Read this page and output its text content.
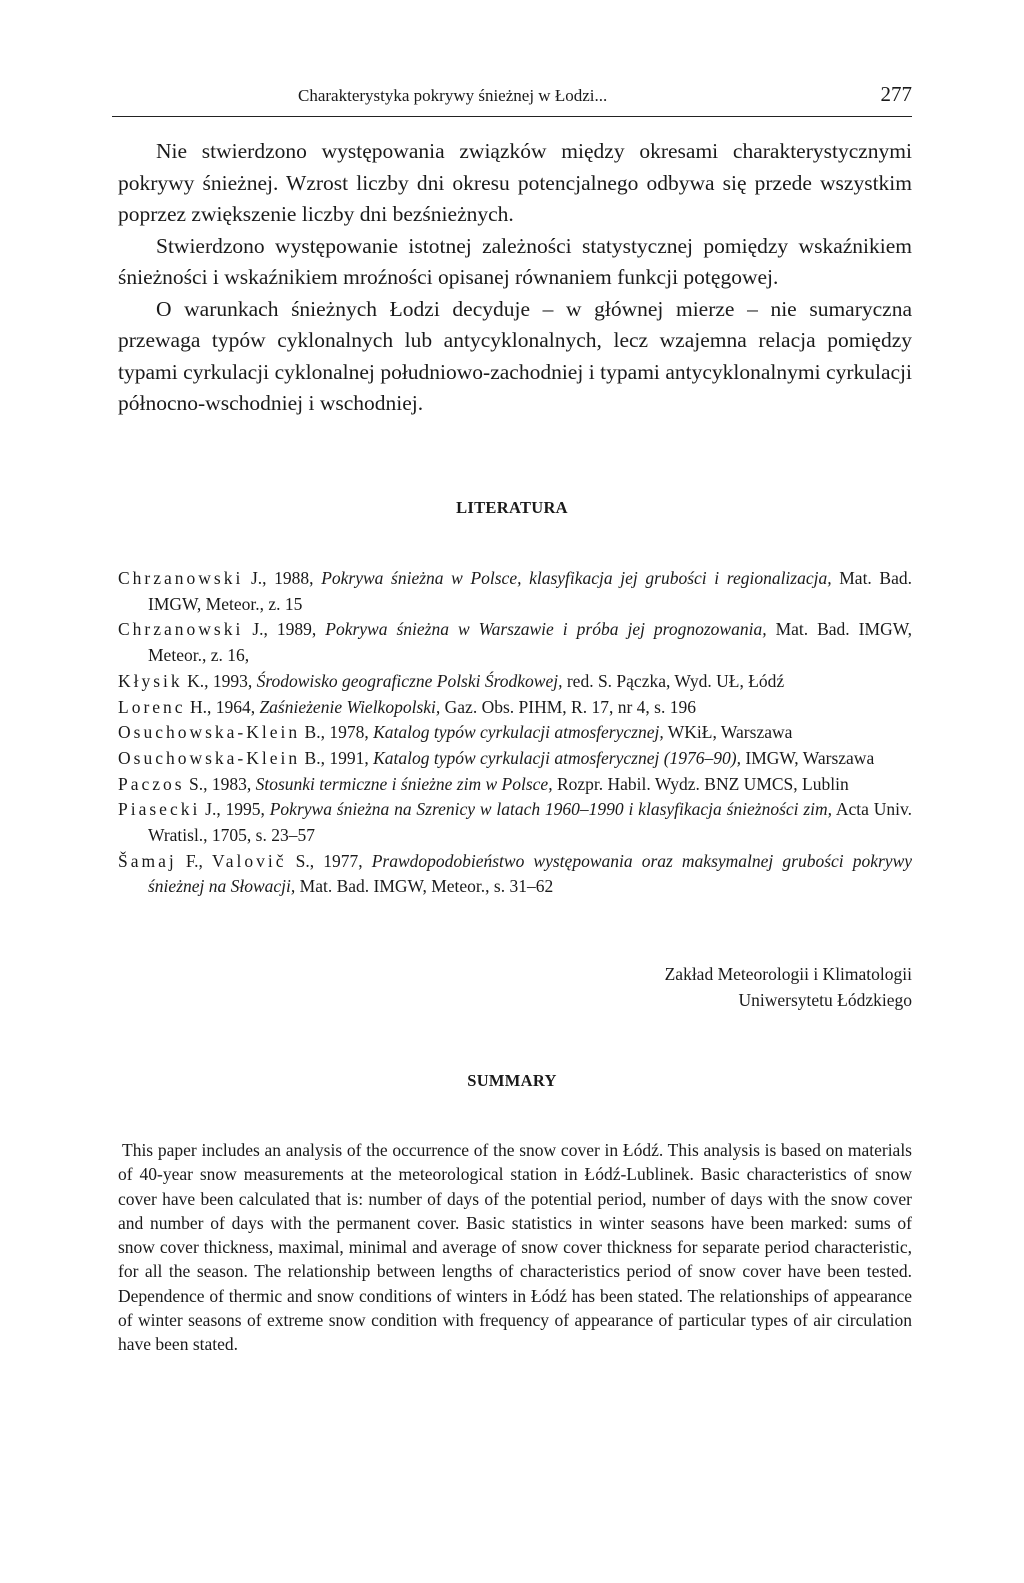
Charakterystyka pokrywy śnieżnej w Łodzi...	277

Nie stwierdzono występowania związków między okresami charakterystycznymi pokrywy śnieżnej. Wzrost liczby dni okresu potencjalnego odbywa się przede wszystkim poprzez zwiększenie liczby dni bezśnieżnych.

Stwierdzono występowanie istotnej zależności statystycznej pomiędzy wskaźnikiem śnieżności i wskaźnikiem mroźności opisanej równaniem funkcji potęgowej.

O warunkach śnieżnych Łodzi decyduje – w głównej mierze – nie sumaryczna przewaga typów cyklonalnych lub antycyklonalnych, lecz wzajemna relacja pomiędzy typami cyrkulacji cyklonalnej południowo-zachodniej i typami antycyklonalnymi cyrkulacji północno-wschodniej i wschodniej.

LITERATURA

Chrzanowski J., 1988, Pokrywa śnieżna w Polsce, klasyfikacja jej grubości i regionalizacja, Mat. Bad. IMGW, Meteor., z. 15

Chrzanowski J., 1989, Pokrywa śnieżna w Warszawie i próba jej prognozowania, Mat. Bad. IMGW, Meteor., z. 16,

Kłysik K., 1993, Środowisko geograficzne Polski Środkowej, red. S. Pączka, Wyd. UŁ, Łódź

Lorenc H., 1964, Zaśnieżenie Wielkopolski, Gaz. Obs. PIHM, R. 17, nr 4, s. 196

Osuchowska-Klein B., 1978, Katalog typów cyrkulacji atmosferycznej, WKiŁ, Warszawa

Osuchowska-Klein B., 1991, Katalog typów cyrkulacji atmosferycznej (1976–90), IMGW, Warszawa

Paczos S., 1983, Stosunki termiczne i śnieżne zim w Polsce, Rozpr. Habil. Wydz. BNZ UMCS, Lublin

Piasecki J., 1995, Pokrywa śnieżna na Szrenicy w latach 1960–1990 i klasyfikacja śnieżności zim, Acta Univ. Wratisl., 1705, s. 23–57

Šamaj F., Valovič S., 1977, Prawdopodobieństwo występowania oraz maksymalnej grubości pokrywy śnieżnej na Słowacji, Mat. Bad. IMGW, Meteor., s. 31–62

Zakład Meteorologii i Klimatologii
Uniwersytetu Łódzkiego
SUMMARY

This paper includes an analysis of the occurrence of the snow cover in Łódź. This analysis is based on materials of 40-year snow measurements at the meteorological station in Łódź-Lublinek. Basic characteristics of snow cover have been calculated that is: number of days of the potential period, number of days with the snow cover and number of days with the permanent cover. Basic statistics in winter seasons have been marked: sums of snow cover thickness, maximal, minimal and average of snow cover thickness for separate period characteristic, for all the season. The relationship between lengths of characteristics period of snow cover have been tested. Dependence of thermic and snow conditions of winters in Łódź has been stated. The relationships of appearance of winter seasons of extreme snow condition with frequency of appearance of particular types of air circulation have been stated.
